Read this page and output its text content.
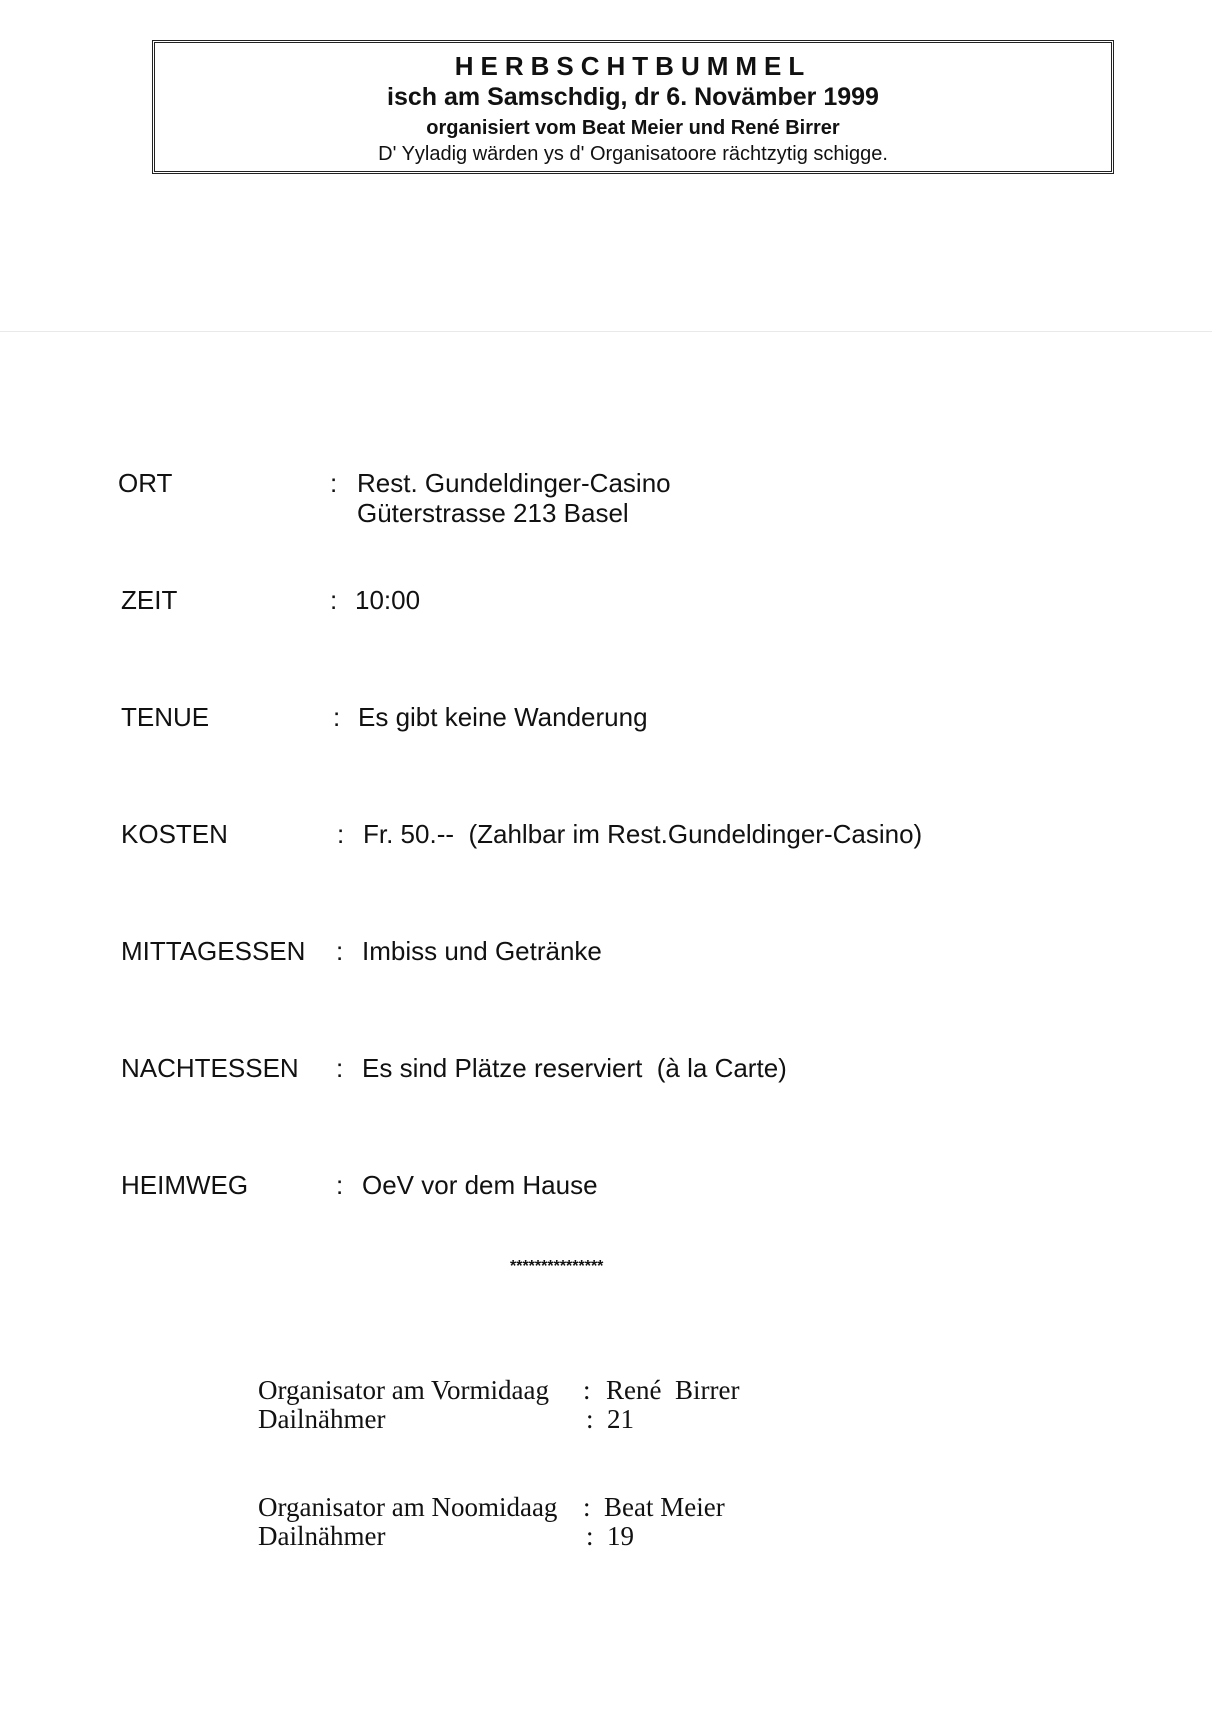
HERBSCHTBUMMEL
isch am Samschdig, dr 6. Novämber 1999
organisiert vom Beat Meier und René Birrer
D' Yyladig wärden ys d' Organisatoore rächtzytig schigge.
ORT	: Rest. Gundeldinger-Casino
Güterstrasse 213 Basel
ZEIT	: 10:00
TENUE	: Es gibt keine Wanderung
KOSTEN	: Fr. 50.--  (Zahlbar im Rest.Gundeldinger-Casino)
MITTAGESSEN : Imbiss und Getränke
NACHTESSEN : Es sind Plätze reserviert  (à la Carte)
HEIMWEG	: OeV vor dem Hause
***************
Organisator am Vormidaag : René  Birrer
Dailnähmer	: 21
Organisator am Noomidaag : Beat Meier
Dailnähmer	: 19
